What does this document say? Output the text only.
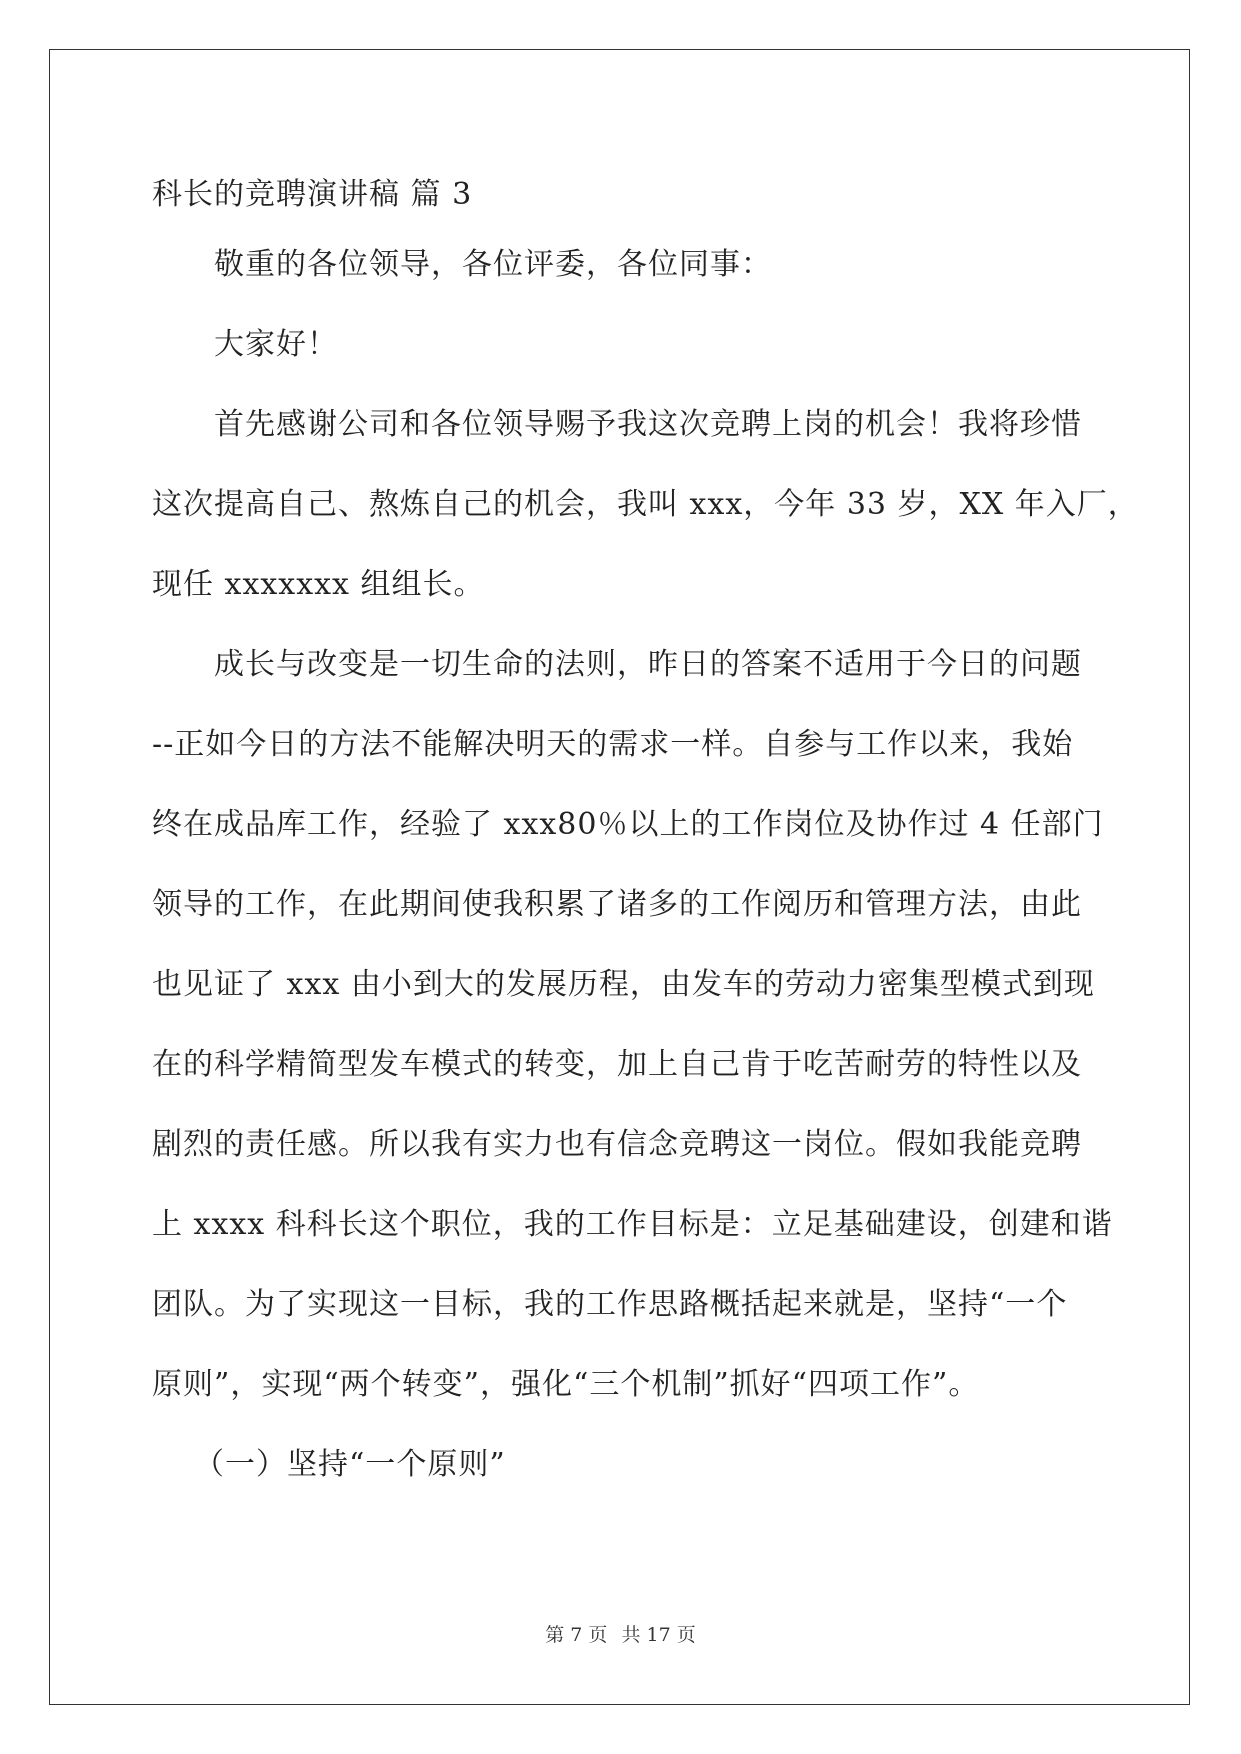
科长的竞聘演讲稿 篇 3
敬重的各位领导，各位评委，各位同事：
大家好！
首先感谢公司和各位领导赐予我这次竞聘上岗的机会！我将珍惜
这次提高自己、熬炼自己的机会，我叫 xxx，今年 33 岁，XX 年入厂，
现任 xxxxxxx 组组长。
成长与改变是一切生命的法则，昨日的答案不适用于今日的问题
--正如今日的方法不能解决明天的需求一样。自参与工作以来，我始
终在成品库工作，经验了 xxx80％以上的工作岗位及协作过 4 任部门
领导的工作，在此期间使我积累了诸多的工作阅历和管理方法，由此
也见证了 xxx 由小到大的发展历程，由发车的劳动力密集型模式到现
在的科学精简型发车模式的转变，加上自己肯于吃苦耐劳的特性以及
剧烈的责任感。所以我有实力也有信念竞聘这一岗位。假如我能竞聘
上 xxxx 科科长这个职位，我的工作目标是：立足基础建设，创建和谐
团队。为了实现这一目标，我的工作思路概括起来就是，坚持“一个
原则”，实现“两个转变”，强化“三个机制”抓好“四项工作”。
（一）坚持“一个原则”
第 7 页 共 17 页
